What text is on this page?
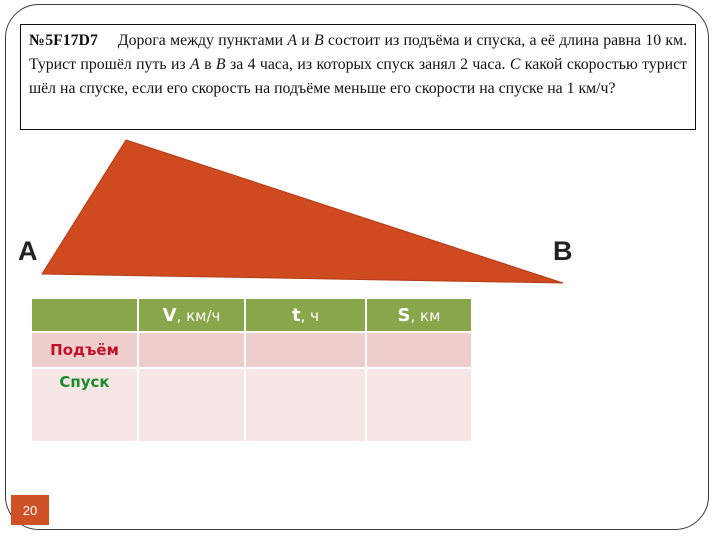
№5F17D7 Дорога между пунктами A и B состоит из подъёма и спуска, а её длина равна 10 км. Турист прошёл путь из A в B за 4 часа, из которых спуск занял 2 часа. С какой скоростью турист шёл на спуске, если его скорость на подъёме меньше его скорости на спуске на 1 км/ч?
A	B
	V, км/ч	t, ч	S, км
Подъём			
Спуск			
20
